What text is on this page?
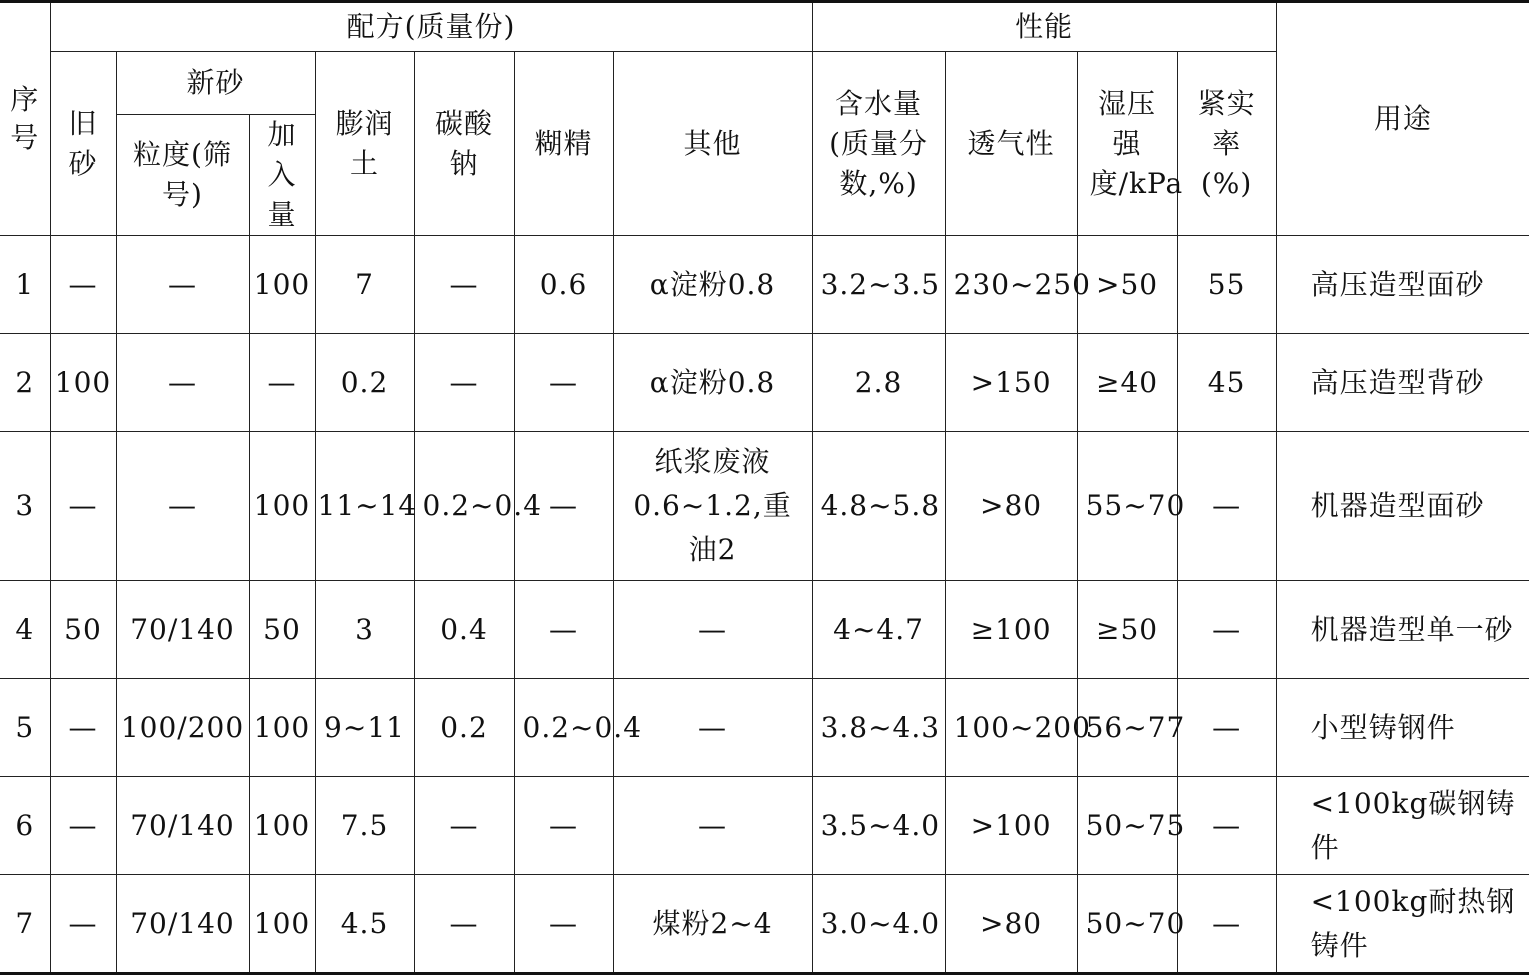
序号	配方(质量份)							性能				用途
	旧砂	新砂		膨润土	碳酸钠	糊精	其他	含水量(质量分数,%)	透气性	湿压强度/kPa	紧实率(%)	
		粒度(筛号)	加入量									
1	—	—	100	7	—	0.6	α淀粉0.8	3.2~3.5	230~250	>50	55	高压造型面砂
2	100	—	—	0.2	—	—	α淀粉0.8	2.8	>150	≥40	45	高压造型背砂
3	—	—	100	11~14	0.2~0.4	—	纸浆废液0.6~1.2,重油2	4.8~5.8	>80	55~70	—	机器造型面砂
4	50	70/140	50	3	0.4	—	—	4~4.7	≥100	≥50	—	机器造型单一砂
5	—	100/200	100	9~11	0.2	0.2~0.4	—	3.8~4.3	100~200	56~77	—	小型铸钢件
6	—	70/140	100	7.5	—	—	—	3.5~4.0	>100	50~75	—	<100kg碳钢铸件
7	—	70/140	100	4.5	—	—	煤粉2~4	3.0~4.0	>80	50~70	—	<100kg耐热钢铸件
